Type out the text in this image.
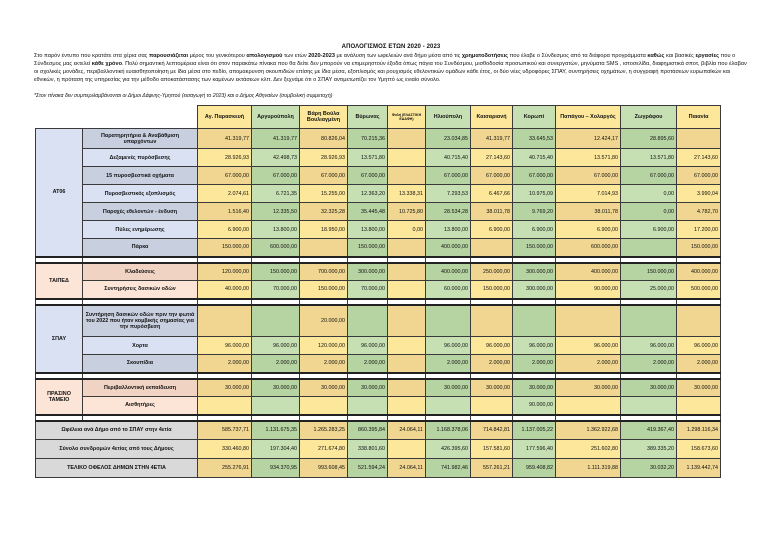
ΑΠΟΛΟΓΙΣΜΟΣ ΕΤΩΝ 2020 - 2023
Στο παρόν έντυπο που κρατάτε στα χέρια σας παρουσιάζεται μέρος του γενικότερου απολογισμού των ετών 2020-2023 με ανάλυση των ωφελειών ανά δήμο μέσα από τις χρηματοδοτήσεις που έλαβε ο Σύνδεσμος από τα διάφορα προγράμματα καθώς και βασικές εργασίες που ο Σύνδεσμος μας εκτελεί κάθε χρόνο. Πολύ σημαντική λεπτομέρεια είναι ότι στον παρακάτω πίνακα που θα δείτε δεν μπορούν να επιμερηστούν έξοδα όπως πάγια του Συνδέσμου, μισθοδοσία προσωπικού και συνεργατών, μηνύματα SMS , ιστοσελίδα, διαφημιστικά σποτ, βιβλία που έλαβαν οι σχολικές μονάδες, περιβαλλοντική ευαισθητοποίηση με ίδια μέσα στο πεδίο, απομακρυνση σκουπιδιών επίσης με ίδια μέσα, εξοπλισμός και ρουχισμός εθελοντικών ομάδων κάθε έτος, οι δύο νέες υδροφόρες ΣΠΑΥ, συντηρήσεις οχημάτων, η συγγραφή προτάσεων ευρωπαϊκών και εθνικών, η πρόταση της υπηρεσίας για την μέθοδο αποκατάστασης των καμένων εκτάσεων κλπ. Δεν ξεχνάμε ότι ο ΣΠΑΥ αντιμετωπίζει τον Υμηττό ως ενιαίο σύνολο.
*Στον πίνακα δεν συμπεριλαμβάνονται οι Δήμοι Δάφνης-Υμηττού (εισαγωγή το 2023) και ο Δήμος Αθηναίων (συμβολική συμμετοχή)
		Αγ. Παρασκευή	Αργυρούπολη	Βάρη Βούλα Βουλιαγμένη	Βύρωνας	Φυλή (ΕΛΑΣΤΙΚΗ ΕΔΑΦΗ)	Ηλιούπολη	Καισαριανή	Κορωπί	Παπάγου – Χολαργός	Ζωγράφου	Παιανία
ΑΤ06	Παρατηρητήρια & Αναβάθμιση υπαρχόντων	41.319,77	41.319,77	80.826,04	70.215,36		23.034,85	41.319,77	33.645,53	12.424,17	28.895,60	
	Δεξαμενές πυρόσβεσης	28.926,93	42.498,73	28.926,93	13.571,80		40.715,40	27.143,60	40.715,40	13.571,80	13.571,80	27.143,60
	15 πυροσβεστικά οχήματα	67.000,00	67.000,00	67.000,00	67.000,00		67.000,00	67.000,00	67.000,00	67.000,00	67.000,00	67.000,00
	Πυροσβεστικός εξοπλισμός	2.074,61	6.721,35	15.255,00	12.363,20	13.338,31	7.293,53	6.467,66	10.975,09	7.014,93	0,00	3.990,04
	Παροχές εθελοντών - ένδυση	1.516,40	12.335,50	32.325,28	35.445,48	10.725,80	28.534,28	38.011,78	9.769,20	38.011,78	0,00	4.782,70
	Πύλες ενημέρωσης	6.900,00	13.800,00	18.950,00	13.800,00	0,00	13.800,00	6.900,00	6.900,00	6.900,00	6.900,00	17.200,00
	Πάρκα	150.000,00	600.000,00		150.000,00		400.000,00		150.000,00	600.000,00		150.000,00

ΤΑΙΠΕΔ	Κλαδεύσεις	120.000,00	150.000,00	700.000,00	300.000,00		400.000,00	250.000,00	300.000,00	400.000,00	150.000,00	400.000,00
	Συντηρήσεις δασικών οδών	40.000,00	70.000,00	150.000,00	70.000,00		60.000,00	150.000,00	300.000,00	90.000,00	25.000,00	500.000,00

ΣΠΑΥ	Συντήρηση δασικών οδών πριν την φωτιά του 2022 που ήταν κομβικής σημασίας για την πυρόσβεση			20.000,00								
	Χορτα	96.000,00	96.000,00	120.000,00	96.000,00		96.000,00	96.000,00	96.000,00	96.000,00	96.000,00	96.000,00
	Σκουπίδια	2.000,00	2.000,00	2.000,00	2.000,00		2.000,00	2.000,00	2.000,00	2.000,00	2.000,00	2.000,00

ΠΡΑΣΙΝΟ ΤΑΜΕΙΟ	Περιβαλλοντική εκπαίδευση	30.000,00	30.000,00	30.000,00	30.000,00		30.000,00	30.000,00	30.000,00	30.000,00	30.000,00	30.000,00
	Αισθητήρες								90.000,00			

Ωφέλεια ανά Δήμο από το ΣΠΑΥ στην 4ετία		585.737,71	1.131.675,35	1.265.283,25	860.395,84	24.064,11	1.168.378,06	714.842,81	1.137.005,22	1.362.922,68	419.367,40	1.298.116,34
Σύνολο συνδρομών 4ετίας από τους Δήμους		330.460,80	197.304,40	271.674,80	338.801,60		426.395,60	157.581,60	177.596,40	251.602,80	389.335,20	158.673,60
ΤΕΛΙΚΟ ΟΦΕΛΟΣ ΔΗΜΩΝ ΣΤΗΝ 4ΕΤΙΑ		255.276,91	934.370,95	993.608,45	521.594,24	24.064,11	741.982,46	557.261,21	959.408,82	1.111.319,88	30.032,20	1.139.442,74
